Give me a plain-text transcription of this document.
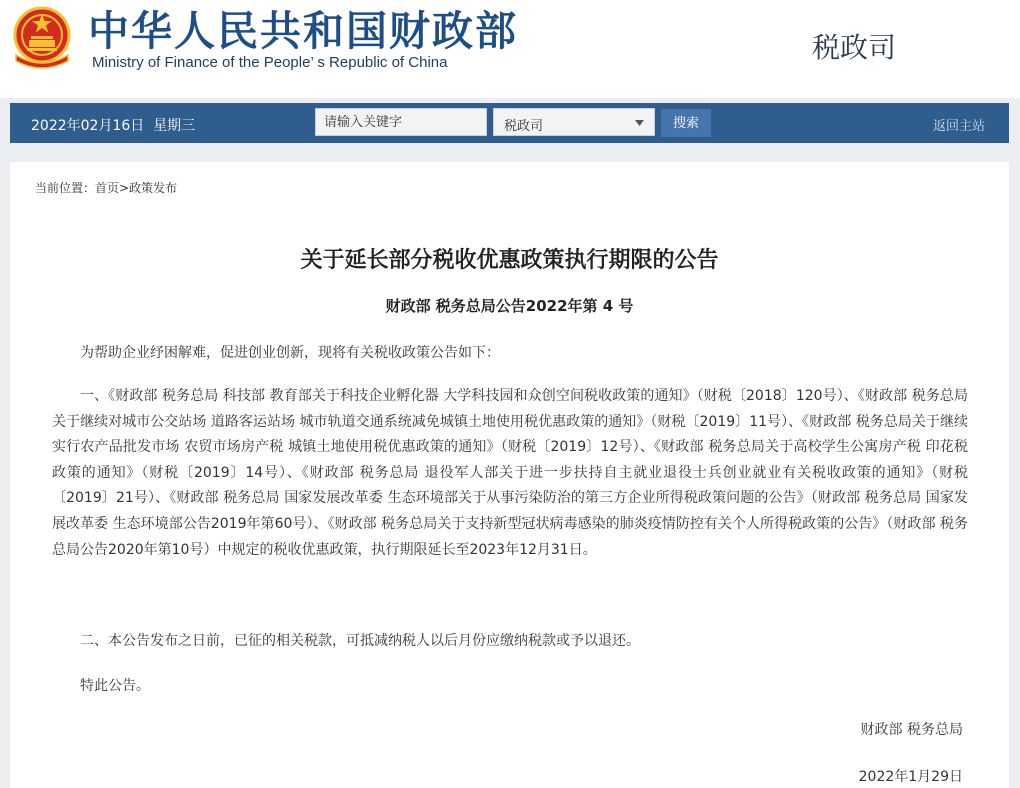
中华人民共和国财政部
Ministry of Finance of the People’ s Republic of China	税政司
2022年02月16日 星期三
请输入关键字	税政司	搜索	返回主站
当前位置：首页>政策发布
关于延长部分税收优惠政策执行期限的公告
财政部 税务总局公告2022年第 4 号

为帮助企业纾困解难，促进创业创新，现将有关税收政策公告如下：

一、《财政部 税务总局 科技部 教育部关于科技企业孵化器 大学科技园和众创空间税收政策的通知》（财税〔2018〕120号）、《财政部 税务总局关于继续对城市公交站场 道路客运站场 城市轨道交通系统减免城镇土地使用税优惠政策的通知》（财税〔2019〕11号）、《财政部 税务总局关于继续实行农产品批发市场 农贸市场房产税 城镇土地使用税优惠政策的通知》（财税〔2019〕12号）、《财政部 税务总局关于高校学生公寓房产税 印花税政策的通知》（财税〔2019〕14号）、《财政部 税务总局 退役军人部关于进一步扶持自主就业退役士兵创业就业有关税收政策的通知》（财税〔2019〕21号）、《财政部 税务总局 国家发展改革委 生态环境部关于从事污染防治的第三方企业所得税政策问题的公告》（财政部 税务总局 国家发展改革委 生态环境部公告2019年第60号）、《财政部 税务总局关于支持新型冠状病毒感染的肺炎疫情防控有关个人所得税政策的公告》（财政部 税务总局公告2020年第10号）中规定的税收优惠政策，执行期限延长至2023年12月31日。

二、本公告发布之日前，已征的相关税款，可抵减纳税人以后月份应缴纳税款或予以退还。

特此公告。

财政部 税务总局
2022年1月29日
